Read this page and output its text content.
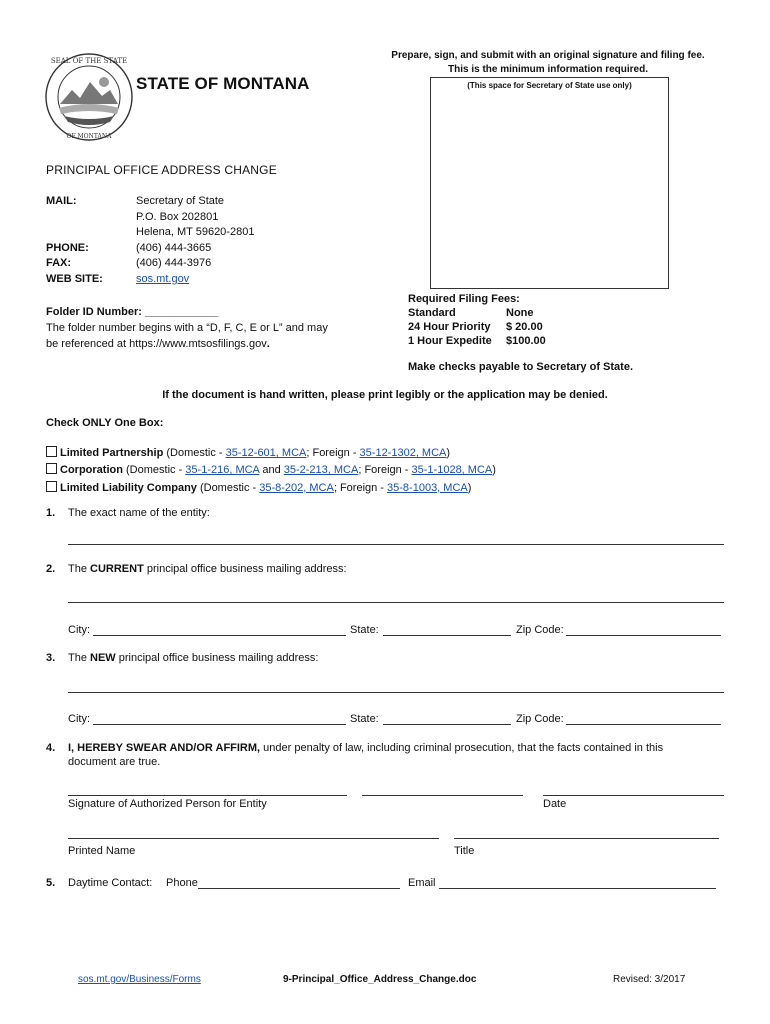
SEAL OF THE STATE
OF MONTANA
STATE OF MONTANA
Prepare, sign, and submit with an original signature and filing fee.
This is the minimum information required.
(This space for Secretary of State use only)
PRINCIPAL OFFICE ADDRESS CHANGE
MAIL:	Secretary of State
P.O. Box 202801
Helena, MT 59620-2801
PHONE:	(406) 444-3665
FAX:	(406) 444-3976
WEB SITE:	sos.mt.gov
Folder ID Number: ____________
The folder number begins with a “D, F, C, E or L” and may
be referenced at https://www.mtsosfilings.gov.
Required Filing Fees:
Standard	None
24 Hour Priority	$ 20.00
1 Hour Expedite	$100.00
Make checks payable to Secretary of State.
If the document is hand written, please print legibly or the application may be denied.
Check ONLY One Box:
Limited Partnership (Domestic - 35-12-601, MCA; Foreign - 35-12-1302, MCA)
Corporation (Domestic - 35-1-216, MCA and 35-2-213, MCA; Foreign - 35-1-1028, MCA)
Limited Liability Company (Domestic - 35-8-202, MCA; Foreign - 35-8-1003, MCA)
1. The exact name of the entity:
2. The CURRENT principal office business mailing address:
City:	State:	Zip Code:
3. The NEW principal office business mailing address:
City:	State:	Zip Code:
4. I, HEREBY SWEAR AND/OR AFFIRM, under penalty of law, including criminal prosecution, that the facts contained in this
document are true.
Signature of Authorized Person for Entity	Date
Printed Name	Title
5. Daytime Contact: Phone	Email
sos.mt.gov/Business/Forms	9-Principal_Office_Address_Change.doc	Revised: 3/2017
